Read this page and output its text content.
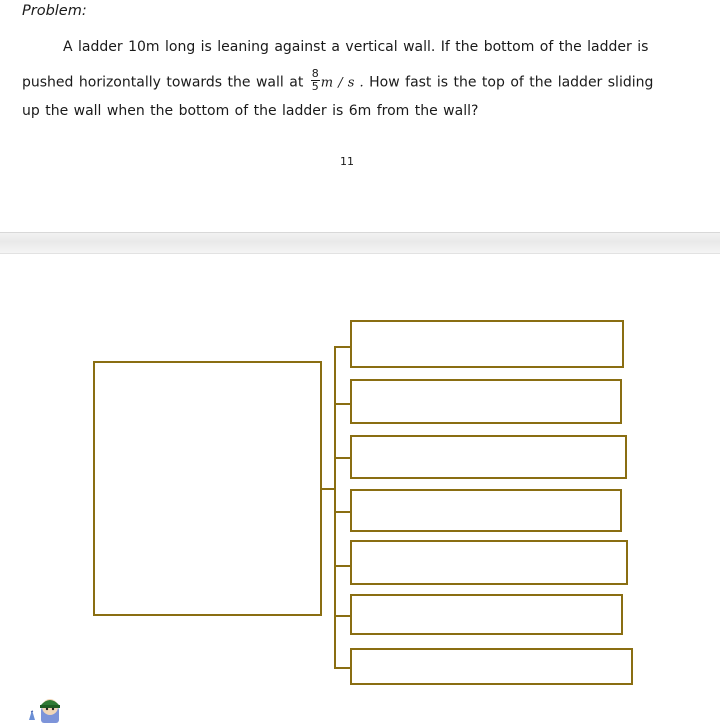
Problem:
A ladder 10m long is leaning against a vertical wall. If the bottom of the ladder is
pushed horizontally towards the wall at $\frac{8}{5}$ m / s . How fast is the top of the ladder sliding
up the wall when the bottom of the ladder is 6m from the wall?
11
